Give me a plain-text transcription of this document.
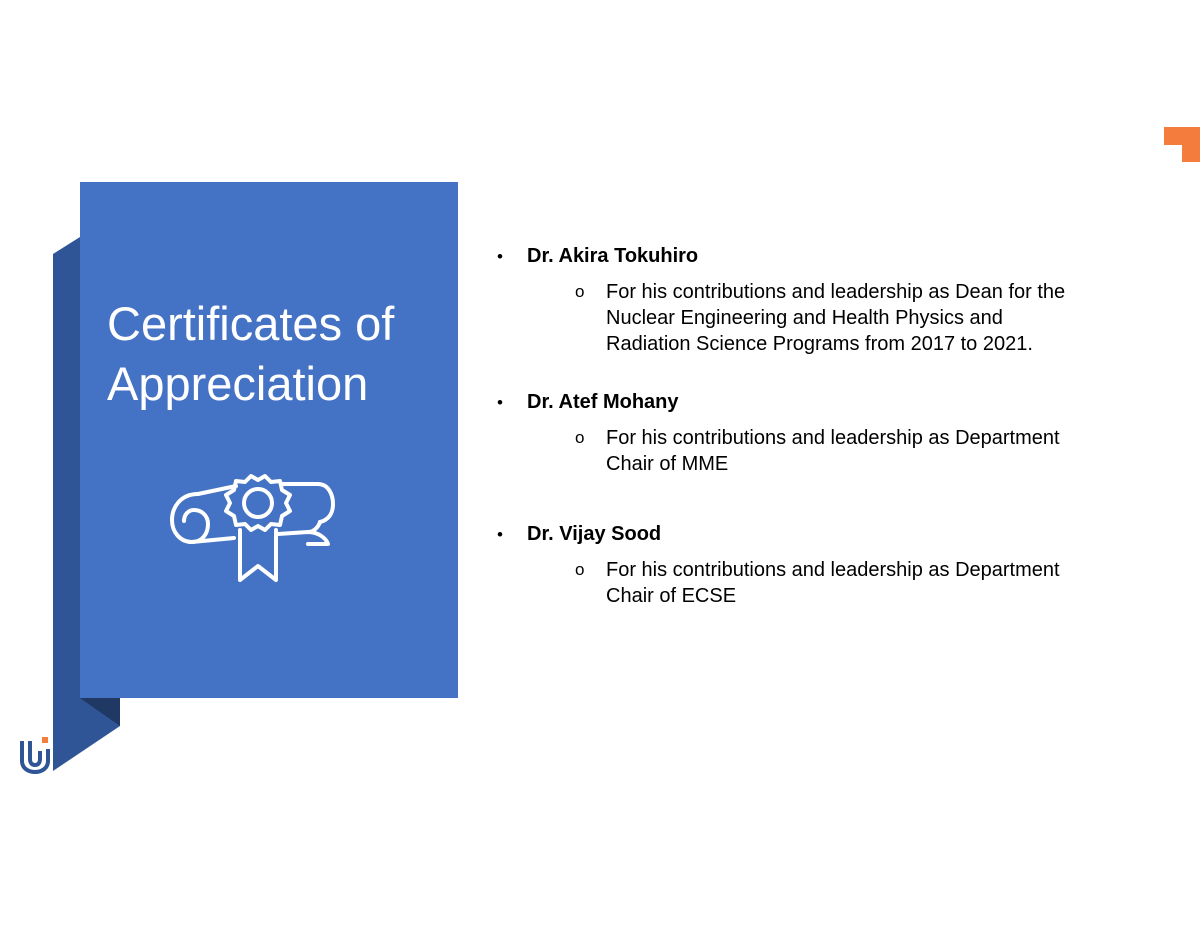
Certificates of
Appreciation
•	Dr. Akira Tokuhiro
o	For his contributions and leadership as Dean for the
Nuclear Engineering and Health Physics and
Radiation Science Programs from 2017 to 2021.
•	Dr. Atef Mohany
o	For his contributions and leadership as Department
Chair of MME
•	Dr. Vijay Sood
o	For his contributions and leadership as Department
Chair of ECSE
